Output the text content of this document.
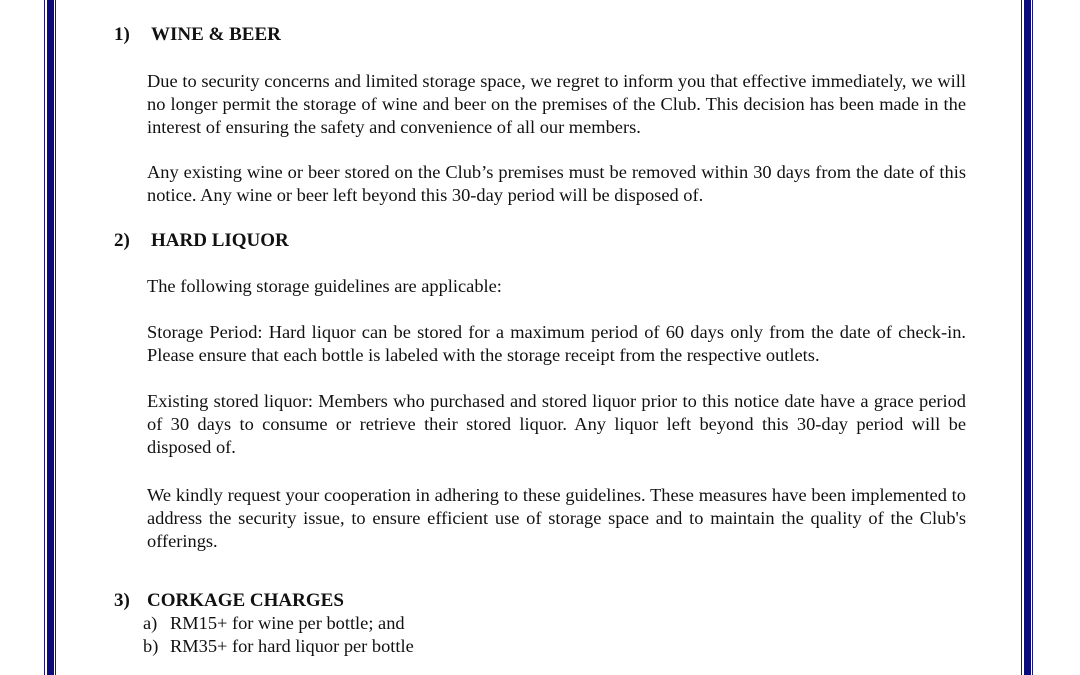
1) WINE & BEER
Due to security concerns and limited storage space, we regret to inform you that effective immediately, we will no longer permit the storage of wine and beer on the premises of the Club. This decision has been made in the interest of ensuring the safety and convenience of all our members.
Any existing wine or beer stored on the Club’s premises must be removed within 30 days from the date of this notice. Any wine or beer left beyond this 30-day period will be disposed of.
2) HARD LIQUOR
The following storage guidelines are applicable:
Storage Period: Hard liquor can be stored for a maximum period of 60 days only from the date of check-in. Please ensure that each bottle is labeled with the storage receipt from the respective outlets.
Existing stored liquor: Members who purchased and stored liquor prior to this notice date have a grace period of 30 days to consume or retrieve their stored liquor. Any liquor left beyond this 30-day period will be disposed of.
We kindly request your cooperation in adhering to these guidelines. These measures have been implemented to address the security issue, to ensure efficient use of storage space and to maintain the quality of the Club's offerings.
3) CORKAGE CHARGES
a) RM15+ for wine per bottle; and
b) RM35+ for hard liquor per bottle
